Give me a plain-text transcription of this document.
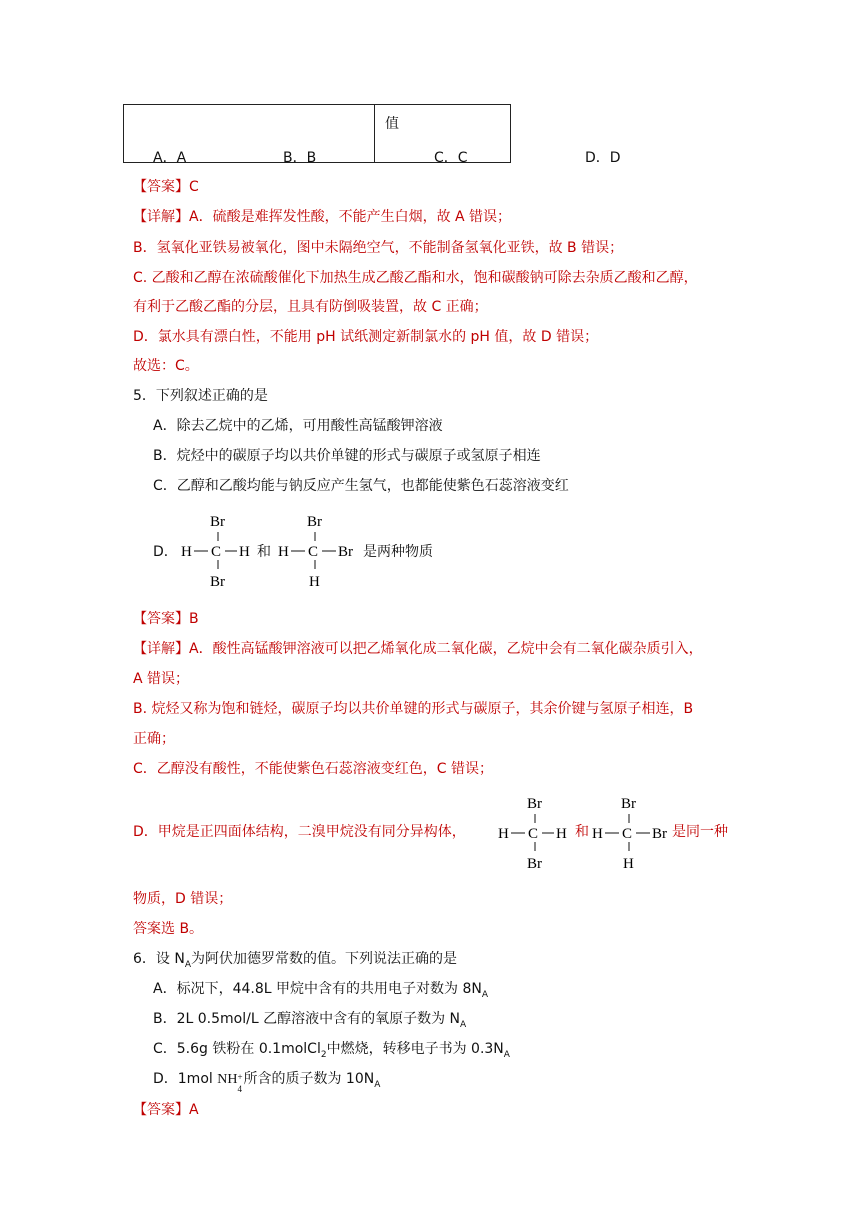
	值
A．A	B．B	C．C	D．D
【答案】C
【详解】A．硫酸是难挥发性酸，不能产生白烟，故 A 错误；
B．氢氧化亚铁易被氧化，图中未隔绝空气，不能制备氢氧化亚铁，故 B 错误；
C. 乙酸和乙醇在浓硫酸催化下加热生成乙酸乙酯和水，饱和碳酸钠可除去杂质乙酸和乙醇，
有利于乙酸乙酯的分层，且具有防倒吸装置，故 C 正确；
D．氯水具有漂白性，不能用 pH 试纸测定新制氯水的 pH 值，故 D 错误；
故选：C。
5．下列叙述正确的是
A．除去乙烷中的乙烯，可用酸性高锰酸钾溶液
B．烷烃中的碳原子均以共价单键的形式与碳原子或氢原子相连
C．乙醇和乙酸均能与钠反应产生氢气，也都能使紫色石蕊溶液变红
D．
Br
H C H
Br
和
Br
H C Br
H
是两种物质
【答案】B
【详解】A．酸性高锰酸钾溶液可以把乙烯氧化成二氧化碳，乙烷中会有二氧化碳杂质引入，
A 错误；
B. 烷烃又称为饱和链烃，碳原子均以共价单键的形式与碳原子，其余价键与氢原子相连，B
正确；
C．乙醇没有酸性，不能使紫色石蕊溶液变红色，C 错误；
D．甲烷是正四面体结构，二溴甲烷没有同分异构体，
Br
H C H
Br
和
Br
H C Br
H
是同一种
物质，D 错误；
答案选 B。
6．设 $N_A$为阿伏加德罗常数的值。下列说法正确的是
A．标况下，44.8L 甲烷中含有的共用电子对数为 $8N_A$
B．2L 0.5mol/L 乙醇溶液中含有的氧原子数为 $N_A$
C．5.6g 铁粉在 0.1molCl$_2$中燃烧，转移电子书为 $0.3N_A$
D．1mol NH +
4
所含的质子数为 $10N_A$
【答案】A
